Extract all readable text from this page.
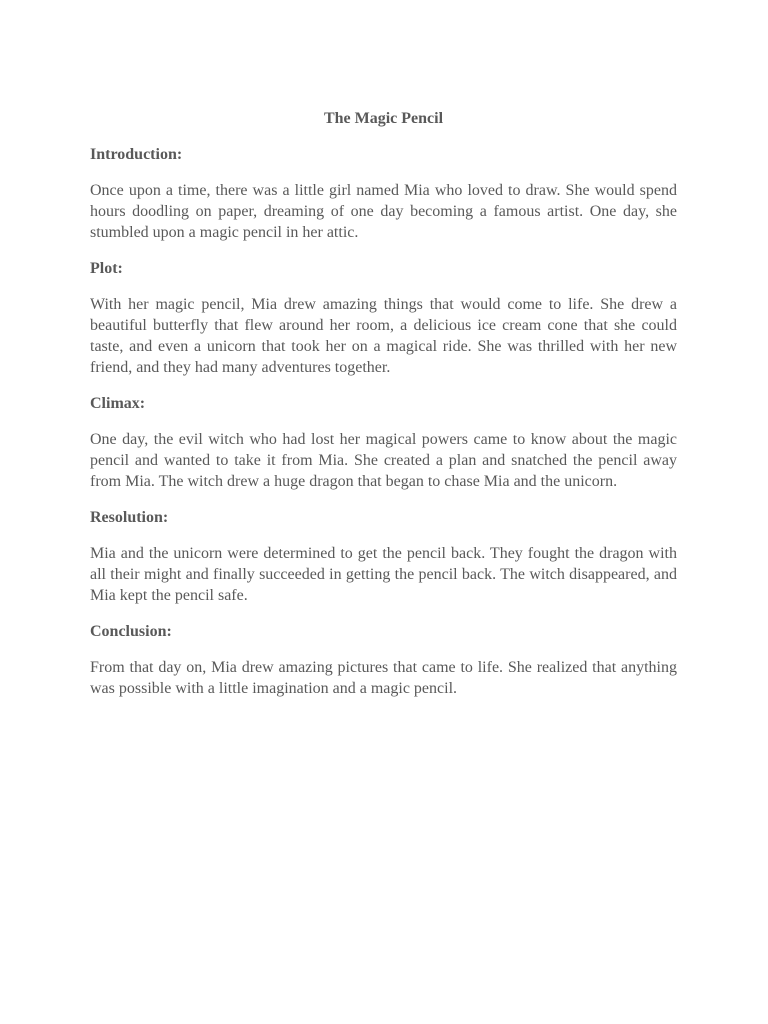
The Magic Pencil
Introduction:
Once upon a time, there was a little girl named Mia who loved to draw. She would spend hours doodling on paper, dreaming of one day becoming a famous artist. One day, she stumbled upon a magic pencil in her attic.
Plot:
With her magic pencil, Mia drew amazing things that would come to life. She drew a beautiful butterfly that flew around her room, a delicious ice cream cone that she could taste, and even a unicorn that took her on a magical ride. She was thrilled with her new friend, and they had many adventures together.
Climax:
One day, the evil witch who had lost her magical powers came to know about the magic pencil and wanted to take it from Mia. She created a plan and snatched the pencil away from Mia. The witch drew a huge dragon that began to chase Mia and the unicorn.
Resolution:
Mia and the unicorn were determined to get the pencil back. They fought the dragon with all their might and finally succeeded in getting the pencil back. The witch disappeared, and Mia kept the pencil safe.
Conclusion:
From that day on, Mia drew amazing pictures that came to life. She realized that anything was possible with a little imagination and a magic pencil.
